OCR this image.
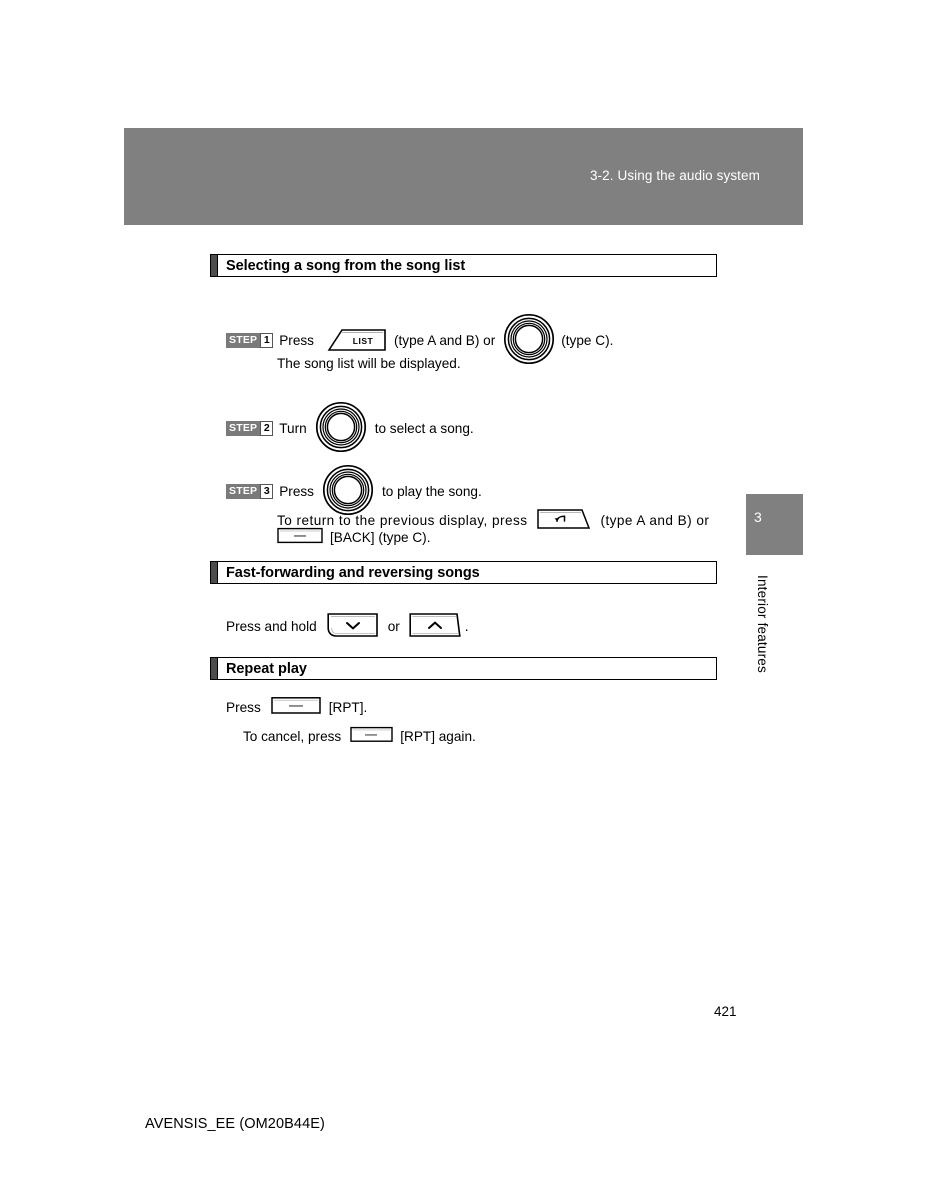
3-2. Using the audio system
3
Interior features
Selecting a song from the song list
STEP 1 Press	LIST (type A and B) or	(type C).
The song list will be displayed.
STEP 2 Turn	to select a song.
STEP 3 Press	to play the song.
To return to the previous display, press	(type A and B) or
[BACK] (type C).
Fast-forwarding and reversing songs
Press and hold	or	.
Repeat play
Press	[RPT].
To cancel, press	[RPT] again.
421
AVENSIS_EE (OM20B44E)
